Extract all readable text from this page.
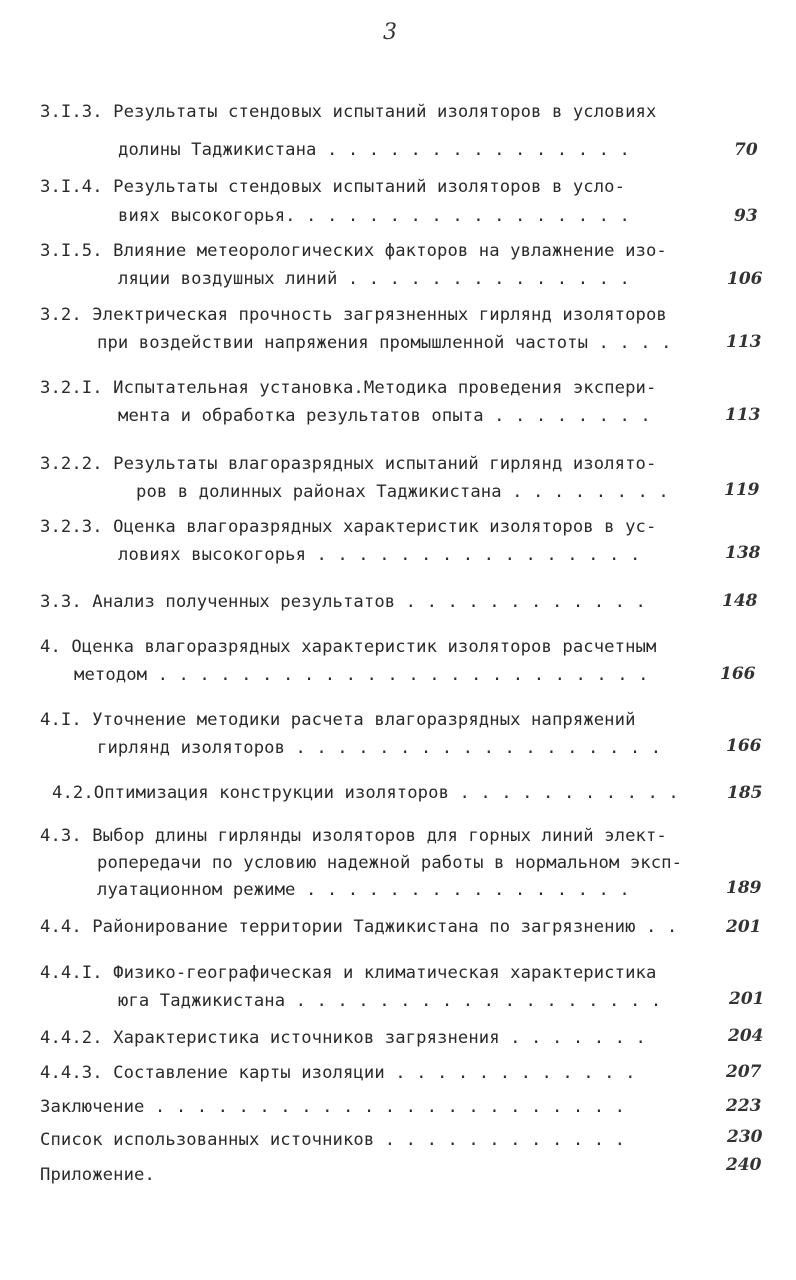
3
3.I.3. Результаты стендовых испытаний изоляторов в условиях
долины Таджикистана . . . . . . . . . . . . . . .	70
3.I.4. Результаты стендовых испытаний изоляторов в усло-
виях высокогорья. . . . . . . . . . . . . . . . .	93
3.I.5. Влияние метеорологических факторов на увлажнение изо-
ляции воздушных линий . . . . . . . . . . . . . .	106
3.2. Электрическая прочность загрязненных гирлянд изоляторов
при воздействии напряжения промышленной частоты . . . .	113
3.2.I. Испытательная установка.Методика проведения экспери-
мента и обработка результатов опыта . . . . . . . .	113
3.2.2. Результаты влагоразрядных испытаний гирлянд изолято-
ров в долинных районах Таджикистана . . . . . . . .	119
3.2.3. Оценка влагоразрядных характеристик изоляторов в ус-
ловиях высокогорья . . . . . . . . . . . . . . . .	138
3.3. Анализ полученных результатов . . . . . . . . . . . .	148
4. Оценка влагоразрядных характеристик изоляторов расчетным
методом . . . . . . . . . . . . . . . . . . . . . . . .	166
4.I. Уточнение методики расчета влагоразрядных напряжений
гирлянд изоляторов . . . . . . . . . . . . . . . . . .	166
4.2.Оптимизация конструкции изоляторов . . . . . . . . . . .	185
4.3. Выбор длины гирлянды изоляторов для горных линий элект-
ропередачи по условию надежной работы в нормальном эксп-
луатационном режиме . . . . . . . . . . . . . . . .	189
4.4. Районирование территории Таджикистана по загрязнению . .	201
4.4.I. Физико-географическая и климатическая характеристика
юга Таджикистана . . . . . . . . . . . . . . . . . .	201
4.4.2. Характеристика источников загрязнения . . . . . . .	204
4.4.3. Составление карты изоляции . . . . . . . . . . . .	207
Заключение . . . . . . . . . . . . . . . . . . . . . . .	223
Список использованных источников . . . . . . . . . . . .	230
Приложение.	240
